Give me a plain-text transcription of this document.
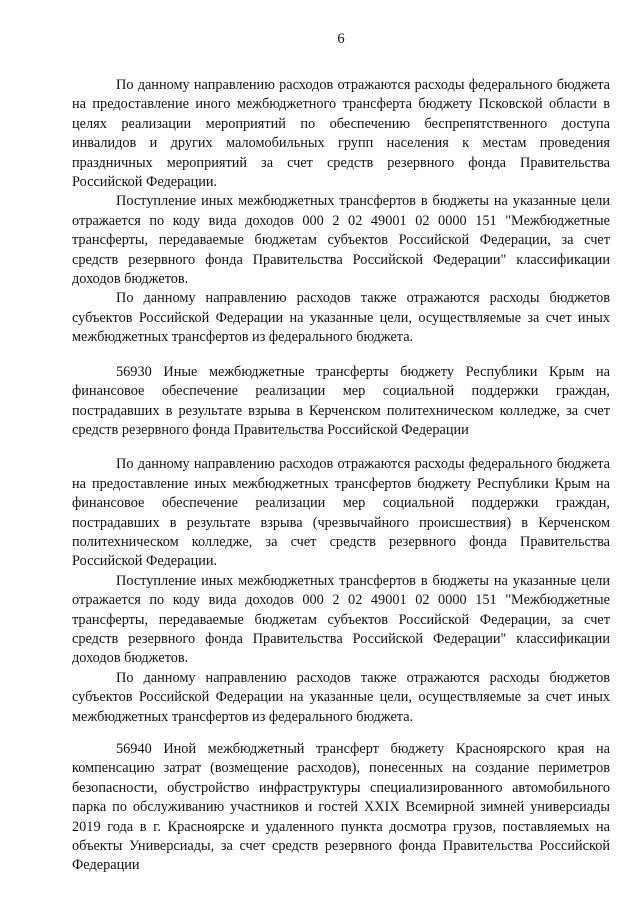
6

По данному направлению расходов отражаются расходы федерального бюджета на предоставление иного межбюджетного трансферта бюджету Псковской области в целях реализации мероприятий по обеспечению беспрепятственного доступа инвалидов и других маломобильных групп населения к местам проведения праздничных мероприятий за счет средств резервного фонда Правительства Российской Федерации.

Поступление иных межбюджетных трансфертов в бюджеты на указанные цели отражается по коду вида доходов 000 2 02 49001 02 0000 151 "Межбюджетные трансферты, передаваемые бюджетам субъектов Российской Федерации, за счет средств резервного фонда Правительства Российской Федерации" классификации доходов бюджетов.

По данному направлению расходов также отражаются расходы бюджетов субъектов Российской Федерации на указанные цели, осуществляемые за счет иных межбюджетных трансфертов из федерального бюджета.

56930 Иные межбюджетные трансферты бюджету Республики Крым на финансовое обеспечение реализации мер социальной поддержки граждан, пострадавших в результате взрыва в Керченском политехническом колледже, за счет средств резервного фонда Правительства Российской Федерации

По данному направлению расходов отражаются расходы федерального бюджета на предоставление иных межбюджетных трансфертов бюджету Республики Крым на финансовое обеспечение реализации мер социальной поддержки граждан, пострадавших в результате взрыва (чрезвычайного происшествия) в Керченском политехническом колледже, за счет средств резервного фонда Правительства Российской Федерации.

Поступление иных межбюджетных трансфертов в бюджеты на указанные цели отражается по коду вида доходов 000 2 02 49001 02 0000 151 "Межбюджетные трансферты, передаваемые бюджетам субъектов Российской Федерации, за счет средств резервного фонда Правительства Российской Федерации" классификации доходов бюджетов.

По данному направлению расходов также отражаются расходы бюджетов субъектов Российской Федерации на указанные цели, осуществляемые за счет иных межбюджетных трансфертов из федерального бюджета.

56940 Иной межбюджетный трансферт бюджету Красноярского края на компенсацию затрат (возмещение расходов), понесенных на создание периметров безопасности, обустройство инфраструктуры специализированного автомобильного парка по обслуживанию участников и гостей XXIX Всемирной зимней универсиады 2019 года в г. Красноярске и удаленного пункта досмотра грузов, поставляемых на объекты Универсиады, за счет средств резервного фонда Правительства Российской Федерации
